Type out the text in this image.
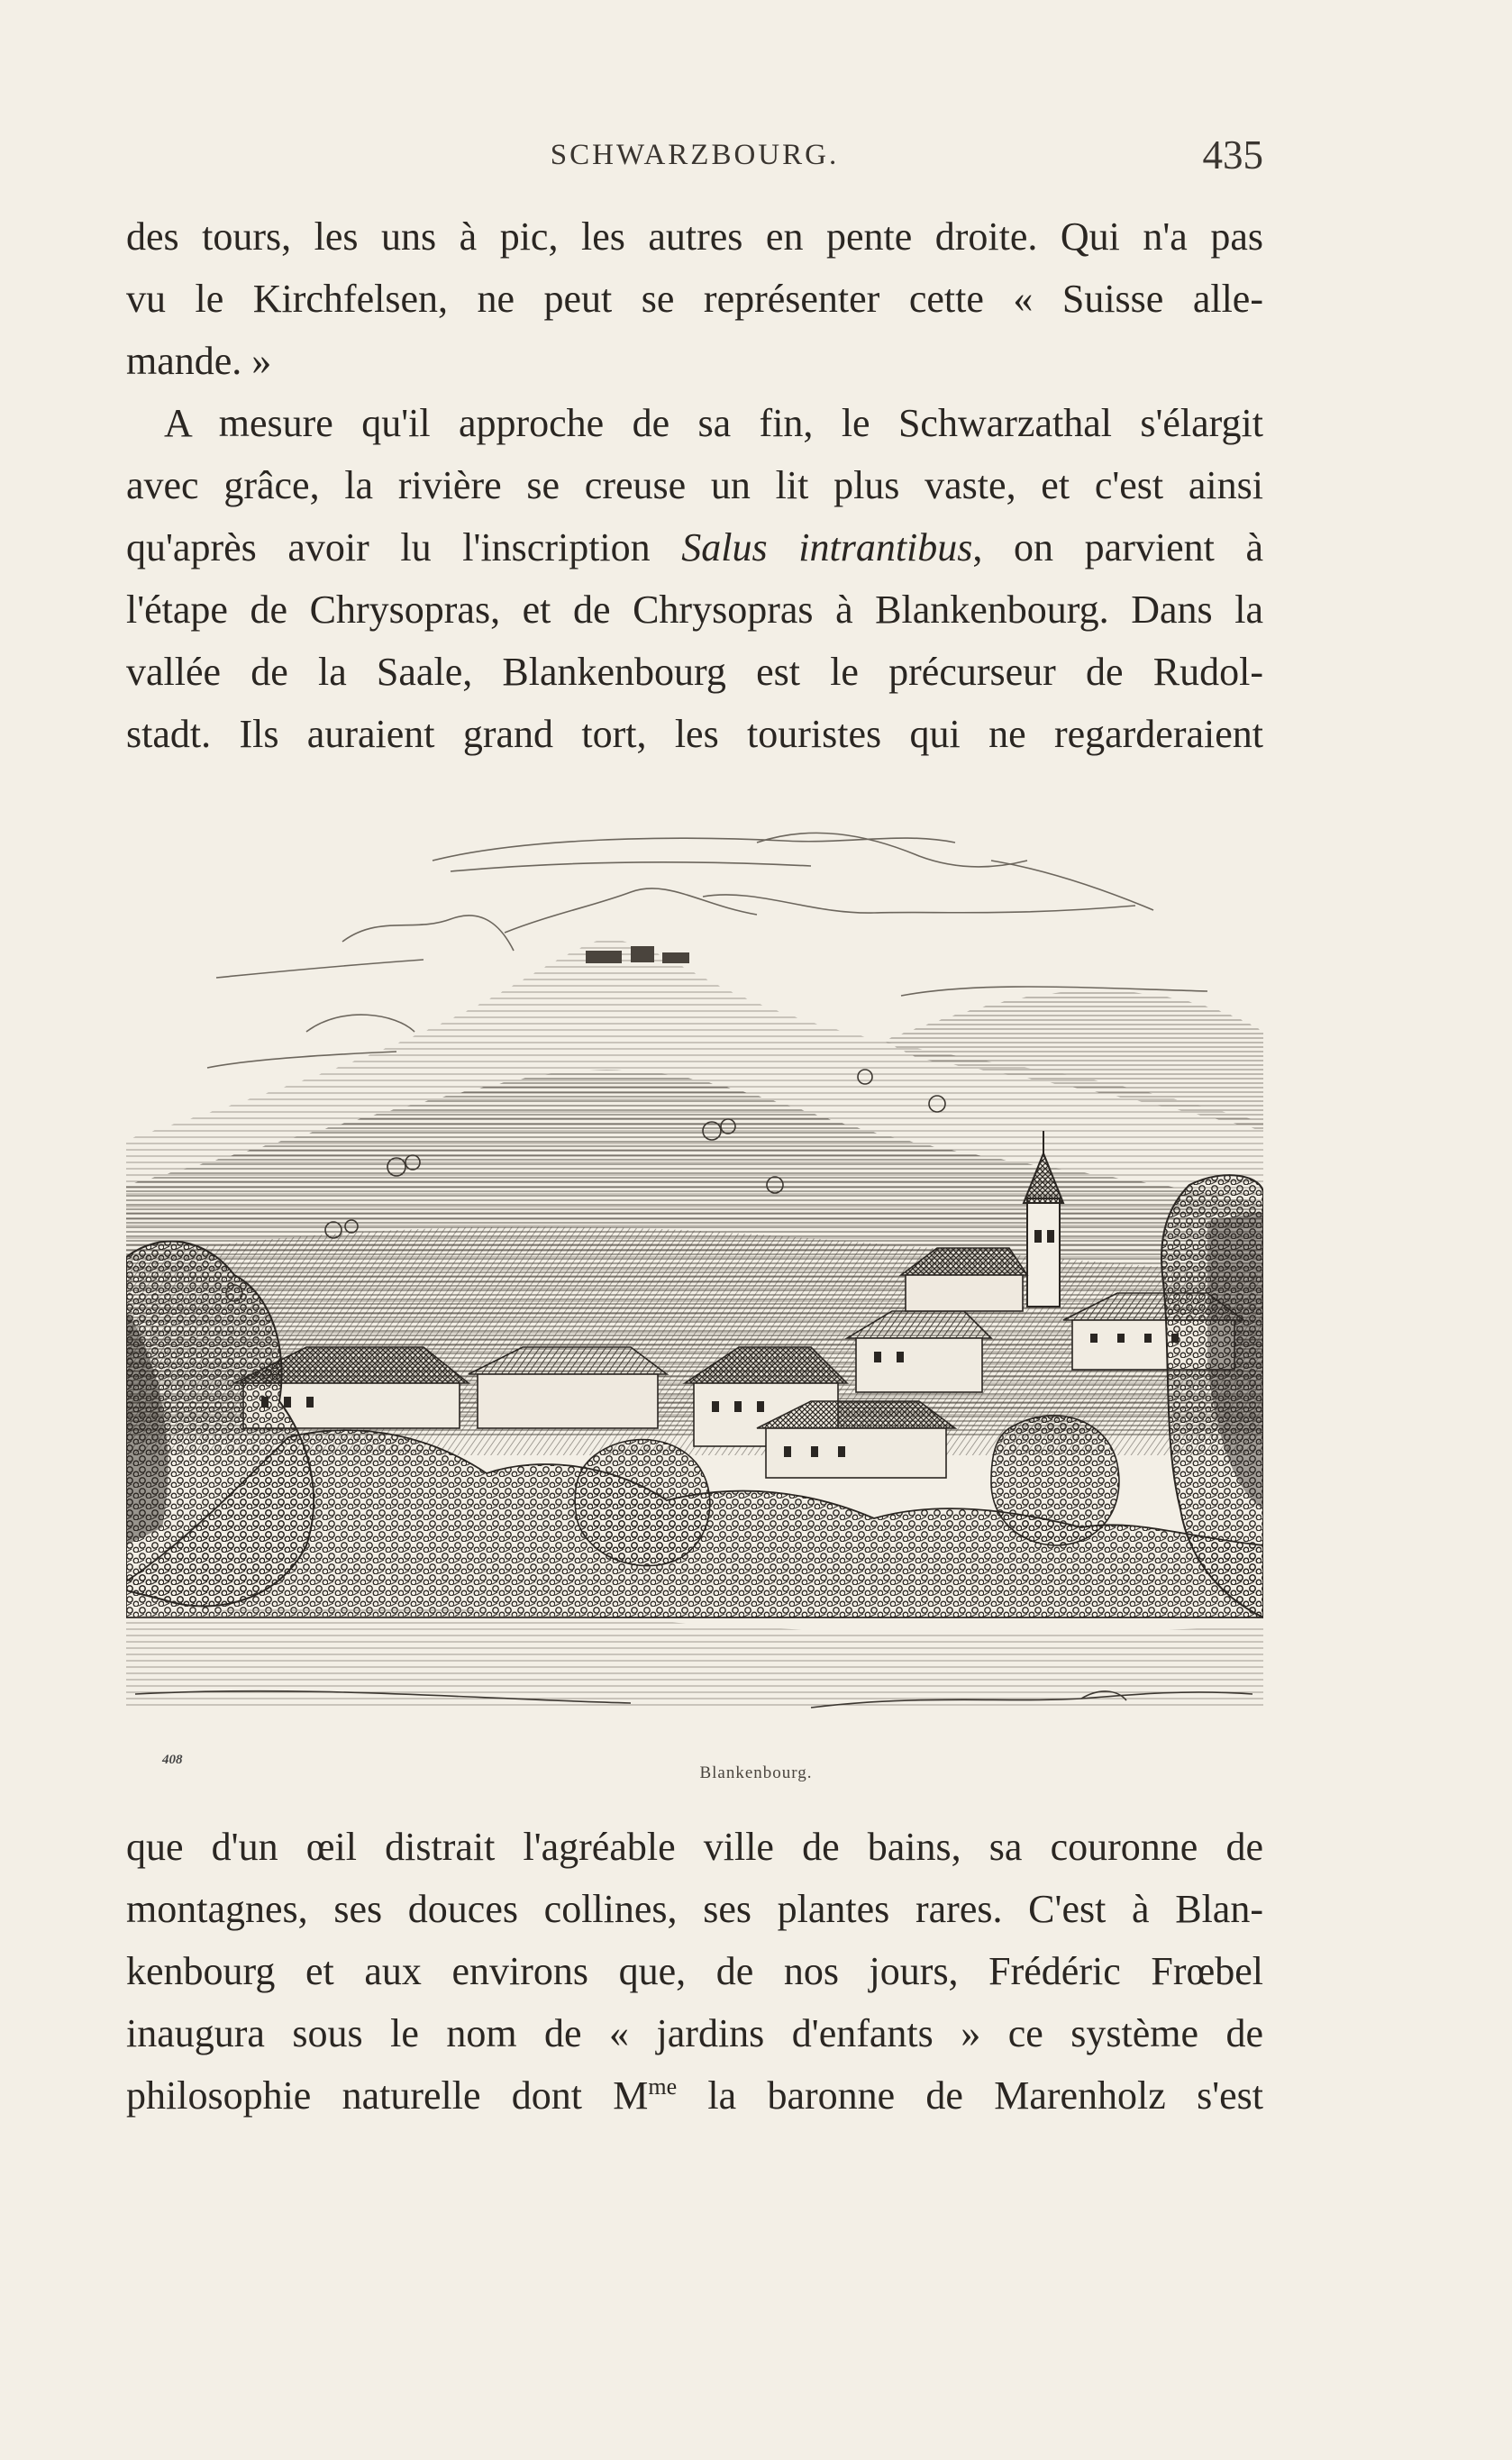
SCHWARZBOURG.	435
des tours, les uns à pic, les autres en pente droite. Qui n'a pas
vu le Kirchfelsen, ne peut se représenter cette « Suisse alle-
mande. »
A mesure qu'il approche de sa fin, le Schwarzathal s'élargit
avec grâce, la rivière se creuse un lit plus vaste, et c'est ainsi
qu'après avoir lu l'inscription Salus intrantibus, on parvient à
l'étape de Chrysopras, et de Chrysopras à Blankenbourg. Dans la
vallée de la Saale, Blankenbourg est le précurseur de Rudol-
stadt. Ils auraient grand tort, les touristes qui ne regarderaient
408
Blankenbourg.
que d'un œil distrait l'agréable ville de bains, sa couronne de
montagnes, ses douces collines, ses plantes rares. C'est à Blan-
kenbourg et aux environs que, de nos jours, Frédéric Frœbel
inaugura sous le nom de « jardins d'enfants » ce système de
philosophie naturelle dont $M^{me}$ la baronne de Marenholz s'est
